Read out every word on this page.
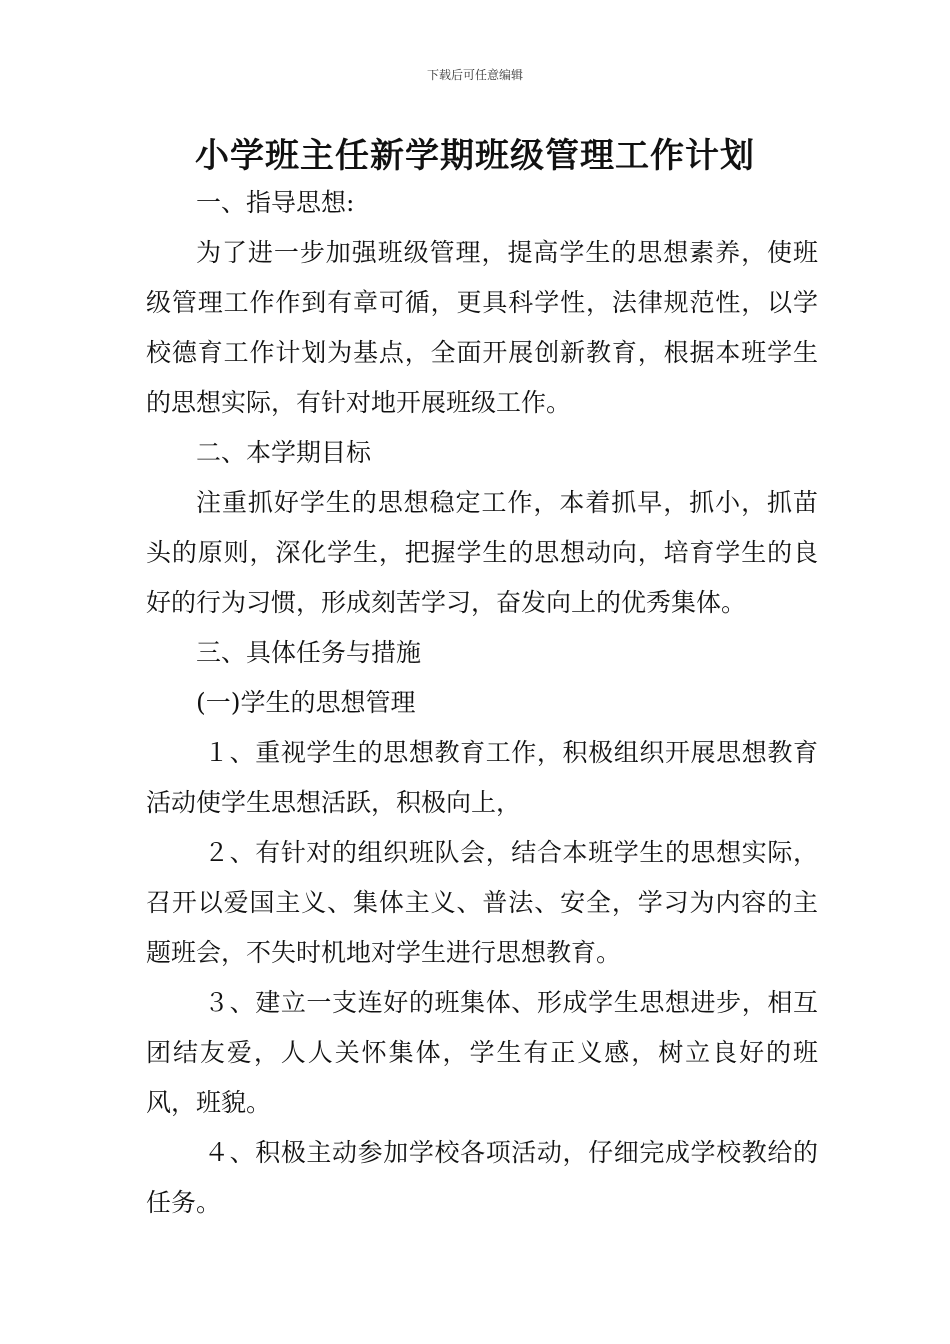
下载后可任意编辑
小学班主任新学期班级管理工作计划

一、指导思想:

为了进一步加强班级管理，提高学生的思想素养，使班级管理工作作到有章可循，更具科学性，法律规范性，以学校德育工作计划为基点，全面开展创新教育，根据本班学生的思想实际，有针对地开展班级工作。

二、本学期目标

注重抓好学生的思想稳定工作，本着抓早，抓小，抓苗头的原则，深化学生，把握学生的思想动向，培育学生的良好的行为习惯，形成刻苦学习，奋发向上的优秀集体。

三、具体任务与措施

(一)学生的思想管理

１、重视学生的思想教育工作，积极组织开展思想教育活动使学生思想活跃，积极向上，

２、有针对的组织班队会，结合本班学生的思想实际，召开以爱国主义、集体主义、普法、安全，学习为内容的主题班会，不失时机地对学生进行思想教育。

３、建立一支连好的班集体、形成学生思想进步，相互团结友爱，人人关怀集体，学生有正义感，树立良好的班风，班貌。

４、积极主动参加学校各项活动，仔细完成学校教给的任务。
